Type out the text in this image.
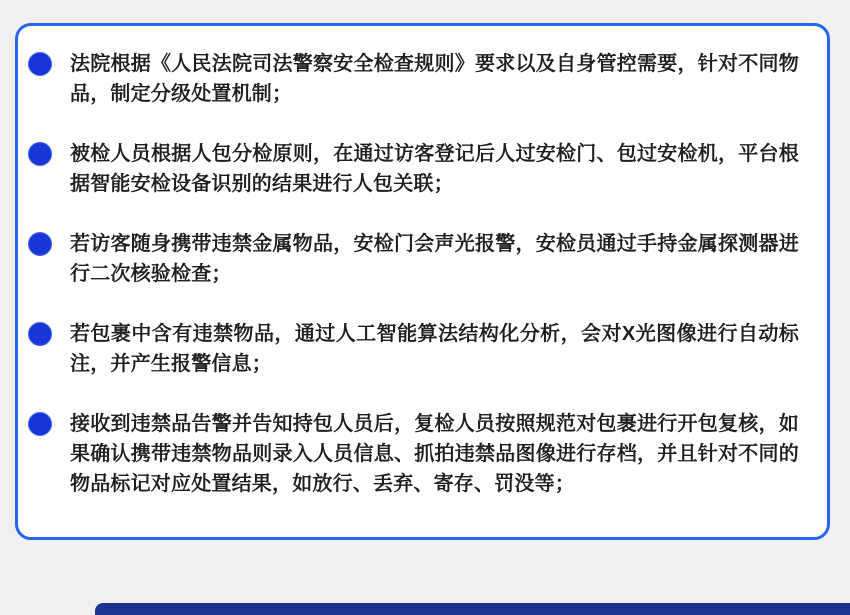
法院根据《人民法院司法警察安全检查规则》要求以及自身管控需要，针对不同物品，制定分级处置机制；

被检人员根据人包分检原则，在通过访客登记后人过安检门、包过安检机，平台根据智能安检设备识别的结果进行人包关联；

若访客随身携带违禁金属物品，安检门会声光报警，安检员通过手持金属探测器进行二次核验检查；

若包裹中含有违禁物品，通过人工智能算法结构化分析，会对X光图像进行自动标注，并产生报警信息；

接收到违禁品告警并告知持包人员后，复检人员按照规范对包裹进行开包复核，如果确认携带违禁物品则录入人员信息、抓拍违禁品图像进行存档，并且针对不同的物品标记对应处置结果，如放行、丢弃、寄存、罚没等；
